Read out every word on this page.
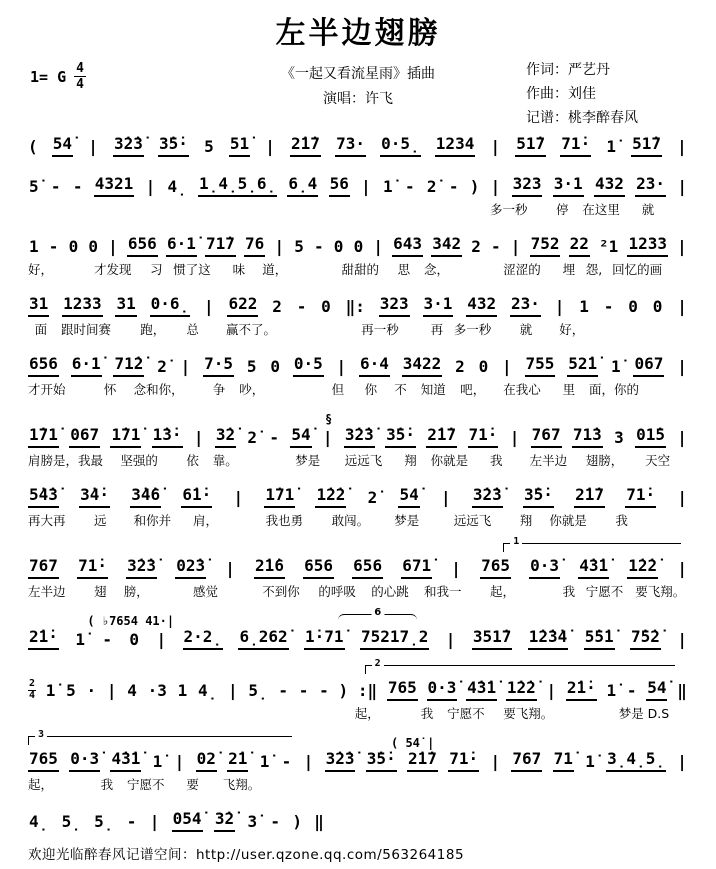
左半边翅膀
1= G 4
4
《一起又看流星雨》插曲
演唱：许飞
作词：严艺丹
作曲：刘佳
记谱：桃李醉春风
( 54̇ | 3̇2̇3̇ 3̇5̇· 5 51̇ | 2̇1̇7 73· 0·5̣ 1234 | 51̇7 71̇· 1̇ 51̇7 |
5̇ - - 4321 | 4̣ 1̣4̣5̣6̣ 6̣4 56 | 1̇ - 2̇ - ) | 323 3·1 432 23· |
多一秒 停 在这里 就
1 - 0 0 | 656 6·1̇ 71̇7 76 | 5 - 0 0 | 643 342 2 - | 752 22 ²1 1233 |
好，	才发现 习 惯了这 味 道，	甜甜的 思 念，	涩涩的 埋 怨, 回忆的画
31 1233 31 0·6̣ | 622 2 - 0 ‖: 323 3·1 432 23· | 1 - 0 0 |
面 跟时间赛 跑， 总 赢不了。	再一秒	再 多一秒 就 好，
656 6·1̇ 71̇2̇ 2̇ | 7·5 5 0 0·5 | 6·4 3422 2 0 | 755 52̇1̇ 1̇ 067 |
才开始	怀 念和你， 争 吵，	但 你 不 知道 吧， 在我心 里 面，你的
§
1̇71̇ 067 1̇71̇ 1̇3̇· | 3̇2̇ 2̇ - 54̇ | 3̇2̇3̇ 3̇5̇· 2̇1̇7 71̇· | 767 71̇3 3 01̇5 |
肩膀是，我最 坚强的 依 靠。	梦是 远远飞 翔 你就是 我 左半边 翅膀， 天空
5̇4̇3̇ 3̇4̇· 3̇4̇6̇ 6̇1̇· | 1̇71̇ 1̇2̇2̇ 2̇ 54̇ | 3̇2̇3̇ 3̇5̇· 2̇1̇7 71̇· |
再大再 远 和你并 肩，	我也勇 敢闯。 梦是	远远飞 翔 你就是 我
1
767 71̇· 3̇2̇3̇ 02̇3̇ | 2̇1̇6 656 656 671̇ | 765 0·3̇ 4̇3̇1̇ 1̇2̇2̇ |
左半边 翅 膀，	感觉	不到你 的呼吸 的心跳 和我一 起，	我 宁愿不 要飞翔。
( ♭7654 41·|
6
2̇1̇· 1̇ - 0 | 2·2̣ 6̣262̇ 1̇·71̇ 75217̣2 | 351̇7 1̇2̇3̇4̇ 5̇5̇1̇ 7̇5̇2̇ |
2
2
4 1̇ 5 · | 4 ·3 1 4̣ | 5̣ - - - ) :‖ 765 0·3̇ 4̇3̇1̇ 1̇2̇2̇ | 2̇1̇· 1̇ - 54̇ ‖
起，	我 宁愿不 要飞翔。	梦是 D.S
3
( 54̇ |
765 0·3̇ 4̇3̇1̇ 1̇ | 02̇ 2̇1̇ 1̇ - | 3̇2̇3̇ 3̇5̇· 2̇1̇7 71̇· | 767 71̇ 1̇ 3̣4̣5̣ |
起，	我 宁愿不 要 飞翔。
4̣ 5̣ 5̣ - | 054̇ 3̇2̇ 3̇ - ) ‖
欢迎光临醉春风记谱空间：http://user.qzone.qq.com/563264185
